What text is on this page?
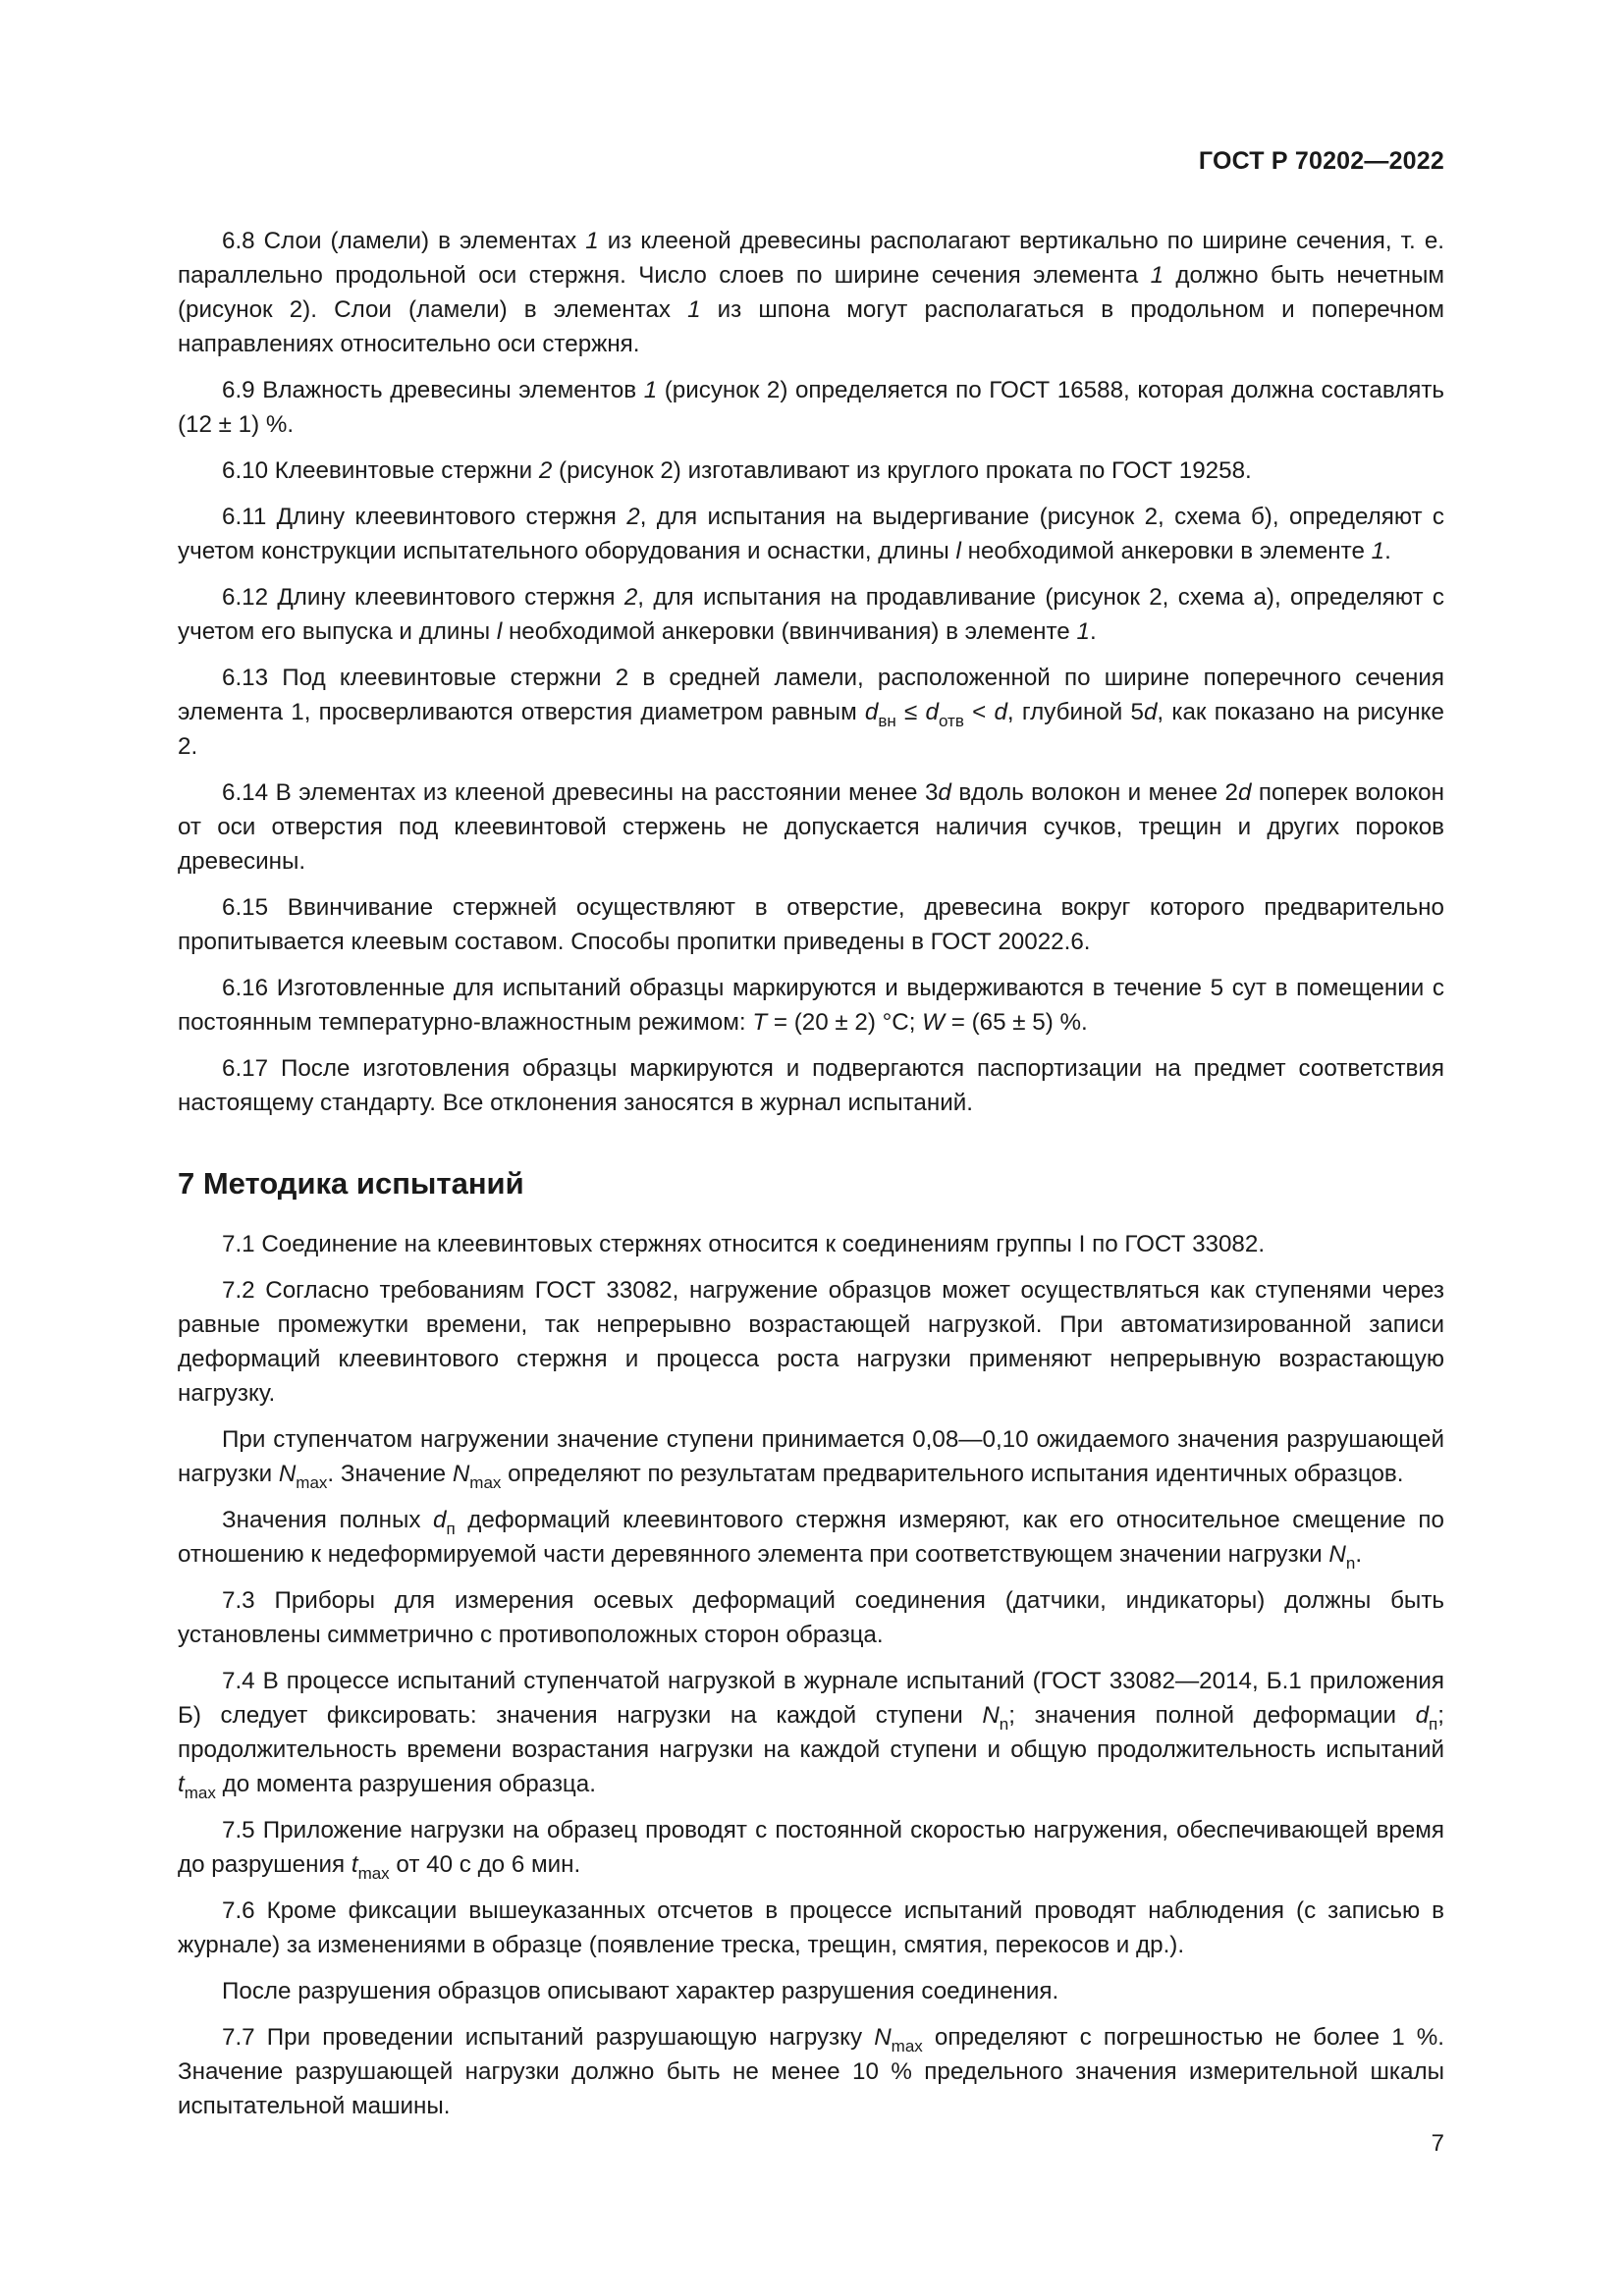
ГОСТ Р 70202—2022
6.8 Слои (ламели) в элементах 1 из клееной древесины располагают вертикально по ширине сечения, т. е. параллельно продольной оси стержня. Число слоев по ширине сечения элемента 1 должно быть нечетным (рисунок 2). Слои (ламели) в элементах 1 из шпона могут располагаться в продольном и поперечном направлениях относительно оси стержня.
6.9 Влажность древесины элементов 1 (рисунок 2) определяется по ГОСТ 16588, которая должна составлять (12 ± 1) %.
6.10 Клеевинтовые стержни 2 (рисунок 2) изготавливают из круглого проката по ГОСТ 19258.
6.11 Длину клеевинтового стержня 2, для испытания на выдергивание (рисунок 2, схема б), определяют с учетом конструкции испытательного оборудования и оснастки, длины l необходимой анкеровки в элементе 1.
6.12 Длину клеевинтового стержня 2, для испытания на продавливание (рисунок 2, схема а), определяют с учетом его выпуска и длины l необходимой анкеровки (ввинчивания) в элементе 1.
6.13 Под клеевинтовые стержни 2 в средней ламели, расположенной по ширине поперечного сечения элемента 1, просверливаются отверстия диаметром равным $d_{вн} \le d_{отв} < d$, глубиной 5d, как показано на рисунке 2.
6.14 В элементах из клееной древесины на расстоянии менее 3d вдоль волокон и менее 2d поперек волокон от оси отверстия под клеевинтовой стержень не допускается наличия сучков, трещин и других пороков древесины.
6.15 Ввинчивание стержней осуществляют в отверстие, древесина вокруг которого предварительно пропитывается клеевым составом. Способы пропитки приведены в ГОСТ 20022.6.
6.16 Изготовленные для испытаний образцы маркируются и выдерживаются в течение 5 сут в помещении с постоянным температурно-влажностным режимом: T = (20 ± 2) °C; W = (65 ± 5) %.
6.17 После изготовления образцы маркируются и подвергаются паспортизации на предмет соответствия настоящему стандарту. Все отклонения заносятся в журнал испытаний.
7 Методика испытаний
7.1 Соединение на клеевинтовых стержнях относится к соединениям группы I по ГОСТ 33082.
7.2 Согласно требованиям ГОСТ 33082, нагружение образцов может осуществляться как ступенями через равные промежутки времени, так непрерывно возрастающей нагрузкой. При автоматизированной записи деформаций клеевинтового стержня и процесса роста нагрузки применяют непрерывную возрастающую нагрузку.
При ступенчатом нагружении значение ступени принимается 0,08—0,10 ожидаемого значения разрушающей нагрузки $N_{max}$. Значение $N_{max}$ определяют по результатам предварительного испытания идентичных образцов.
Значения полных $d_п$ деформаций клеевинтового стержня измеряют, как его относительное смещение по отношению к недеформируемой части деревянного элемента при соответствующем значении нагрузки $N_n$.
7.3 Приборы для измерения осевых деформаций соединения (датчики, индикаторы) должны быть установлены симметрично с противоположных сторон образца.
7.4 В процессе испытаний ступенчатой нагрузкой в журнале испытаний (ГОСТ 33082—2014, Б.1 приложения Б) следует фиксировать: значения нагрузки на каждой ступени $N_n$; значения полной деформации $d_п$; продолжительность времени возрастания нагрузки на каждой ступени и общую продолжительность испытаний $t_{max}$ до момента разрушения образца.
7.5 Приложение нагрузки на образец проводят с постоянной скоростью нагружения, обеспечивающей время до разрушения $t_{max}$ от 40 с до 6 мин.
7.6 Кроме фиксации вышеуказанных отсчетов в процессе испытаний проводят наблюдения (с записью в журнале) за изменениями в образце (появление треска, трещин, смятия, перекосов и др.).
После разрушения образцов описывают характер разрушения соединения.
7.7 При проведении испытаний разрушающую нагрузку $N_{max}$ определяют с погрешностью не более 1 %. Значение разрушающей нагрузки должно быть не менее 10 % предельного значения измерительной шкалы испытательной машины.
7
